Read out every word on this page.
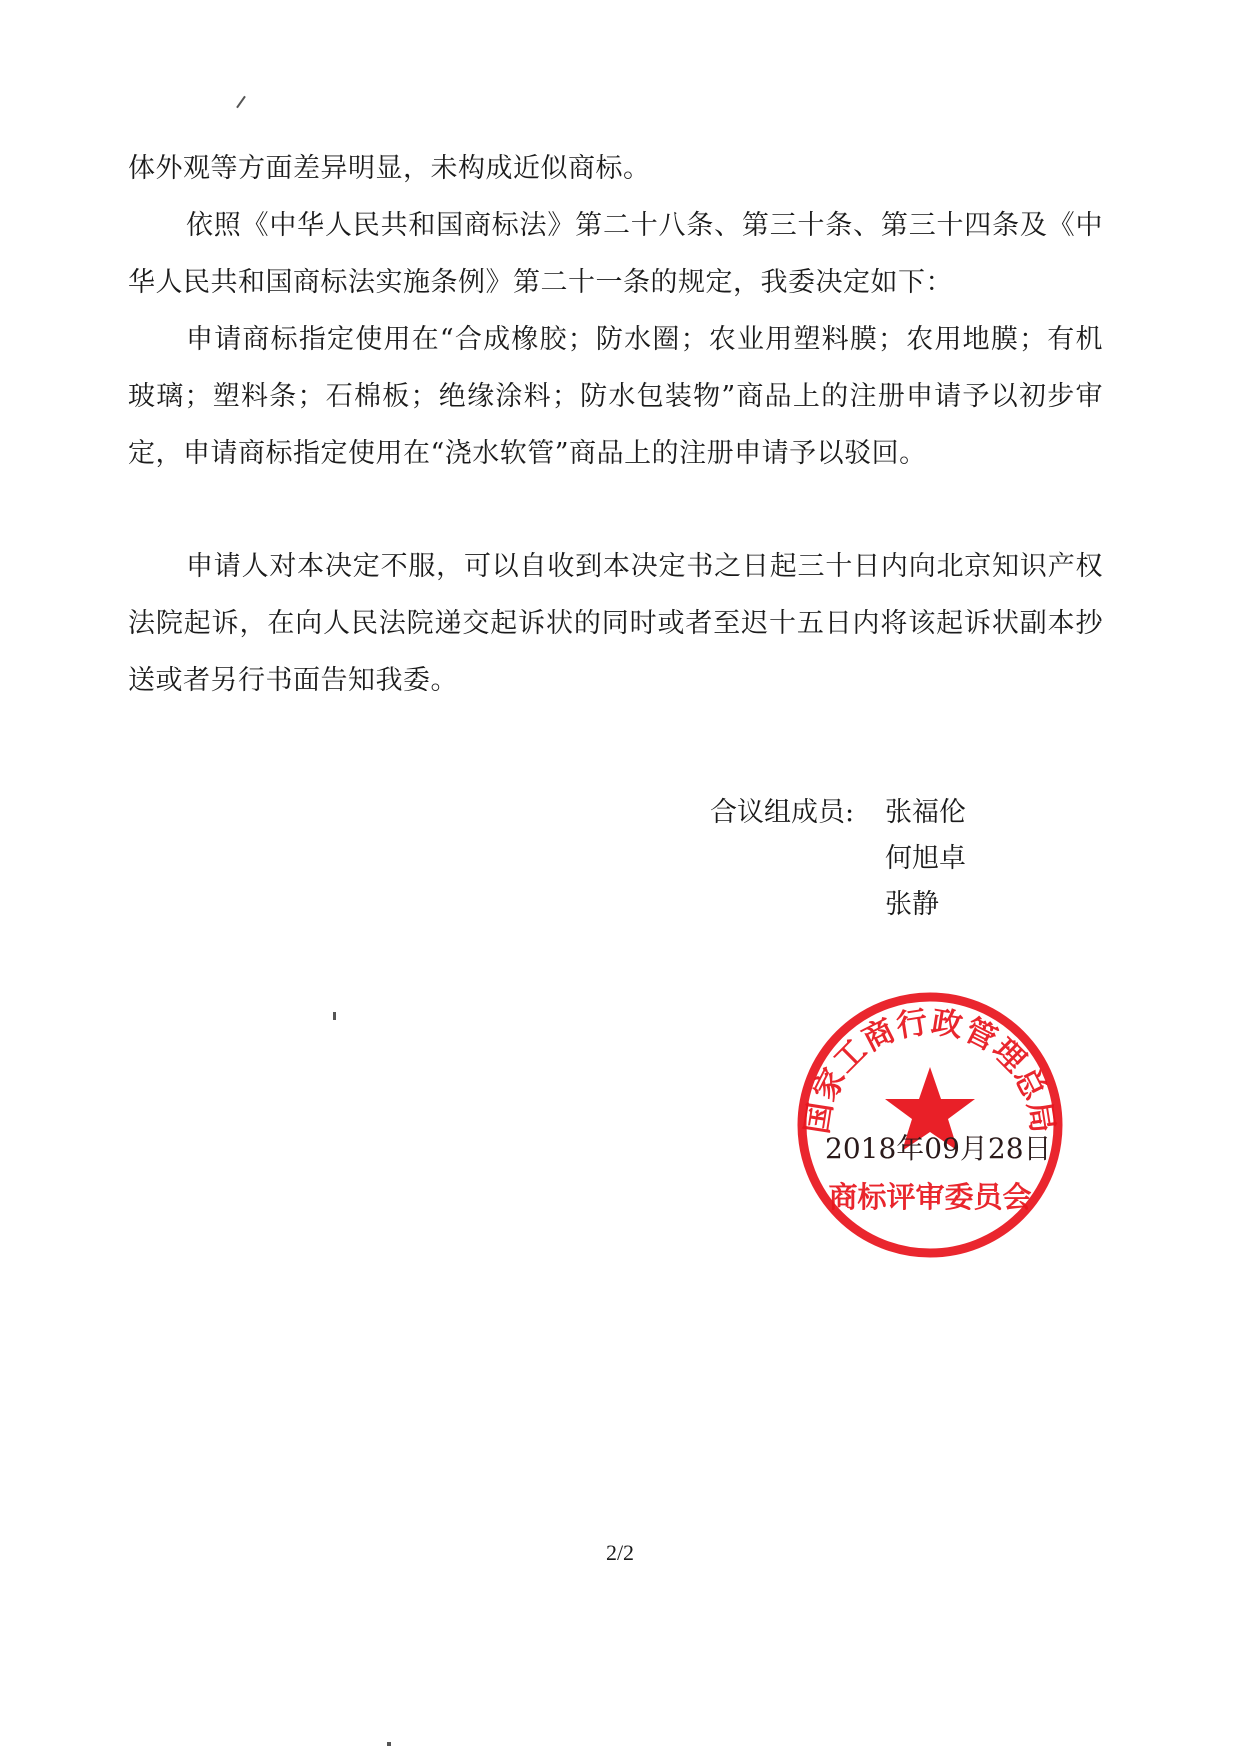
体外观等方面差异明显，未构成近似商标。

依照《中华人民共和国商标法》第二十八条、第三十条、第三十四条及《中华人民共和国商标法实施条例》第二十一条的规定，我委决定如下：

申请商标指定使用在“合成橡胶；防水圈；农业用塑料膜；农用地膜；有机玻璃；塑料条；石棉板；绝缘涂料；防水包装物”商品上的注册申请予以初步审定，申请商标指定使用在“浇水软管”商品上的注册申请予以驳回。

申请人对本决定不服，可以自收到本决定书之日起三十日内向北京知识产权法院起诉，在向人民法院递交起诉状的同时或者至迟十五日内将该起诉状副本抄送或者另行书面告知我委。

合议组成员: 张福伦
何旭卓
张静
国家工商行政管理总局
商标评审委员会
2018年09月28日
2/2
